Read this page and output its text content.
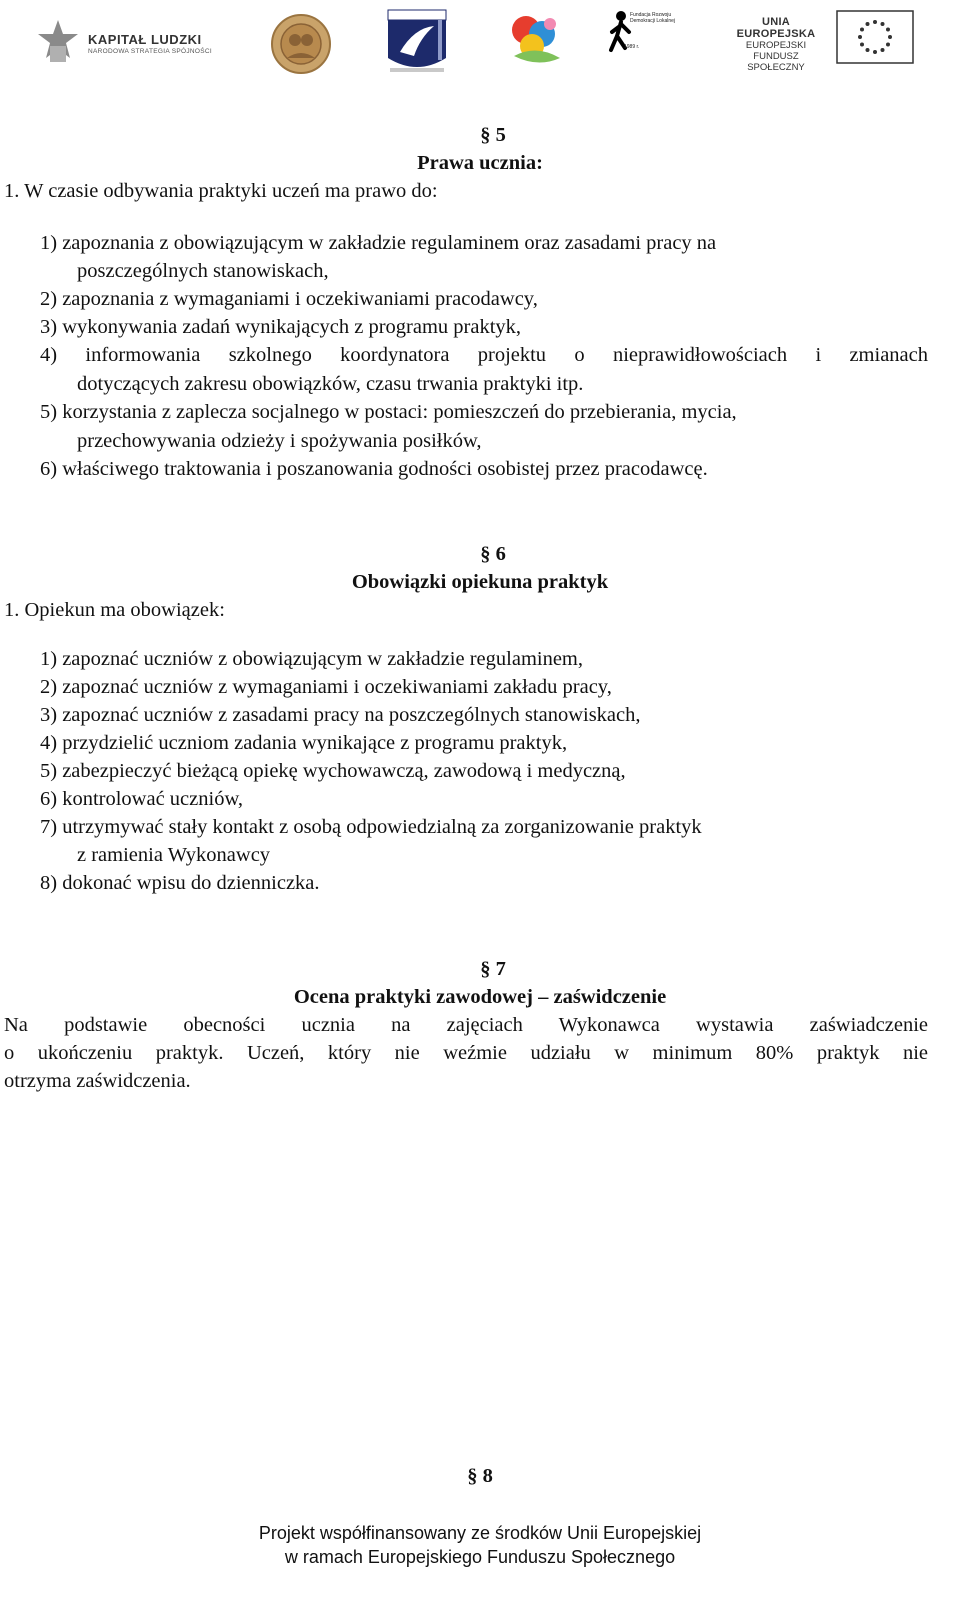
KAPITAŁ LUDZKI
NARODOWA STRATEGIA SPÓJNOŚCI
Fundacja Rozwoju Demokracji Lokalnej
1989 r.
UNIA EUROPEJSKA
EUROPEJSKI
FUNDUSZ SPOŁECZNY
§ 5
Prawa ucznia:
1. W czasie odbywania praktyki uczeń ma prawo do:
1) zapoznania z obowiązującym w zakładzie regulaminem oraz zasadami pracy na
poszczególnych stanowiskach,
2) zapoznania z wymaganiami i oczekiwaniami pracodawcy,
3) wykonywania zadań wynikających z programu praktyk,
4) informowania szkolnego koordynatora projektu o nieprawidłowościach i zmianach
dotyczących zakresu obowiązków, czasu trwania praktyki itp.
5) korzystania z zaplecza socjalnego w postaci: pomieszczeń do przebierania, mycia,
przechowywania odzieży i spożywania posiłków,
6) właściwego traktowania i poszanowania godności osobistej przez pracodawcę.
§ 6
Obowiązki opiekuna praktyk
1. Opiekun ma obowiązek:
1) zapoznać uczniów z obowiązującym w zakładzie regulaminem,
2) zapoznać uczniów z wymaganiami i oczekiwaniami zakładu pracy,
3) zapoznać uczniów z zasadami pracy na poszczególnych stanowiskach,
4) przydzielić uczniom zadania wynikające z programu praktyk,
5) zabezpieczyć bieżącą opiekę wychowawczą, zawodową i medyczną,
6) kontrolować uczniów,
7) utrzymywać stały kontakt z osobą odpowiedzialną za zorganizowanie praktyk
z ramienia Wykonawcy
8) dokonać wpisu do dzienniczka.
§ 7
Ocena praktyki zawodowej – zaświdczenie
Na podstawie obecności ucznia na zajęciach Wykonawca wystawia zaświadczenie
o ukończeniu praktyk. Uczeń, który nie weźmie udziału w minimum 80% praktyk nie
otrzyma zaświdczenia.
§ 8
Projekt współfinansowany ze środków Unii Europejskiej
w ramach Europejskiego Funduszu Społecznego
